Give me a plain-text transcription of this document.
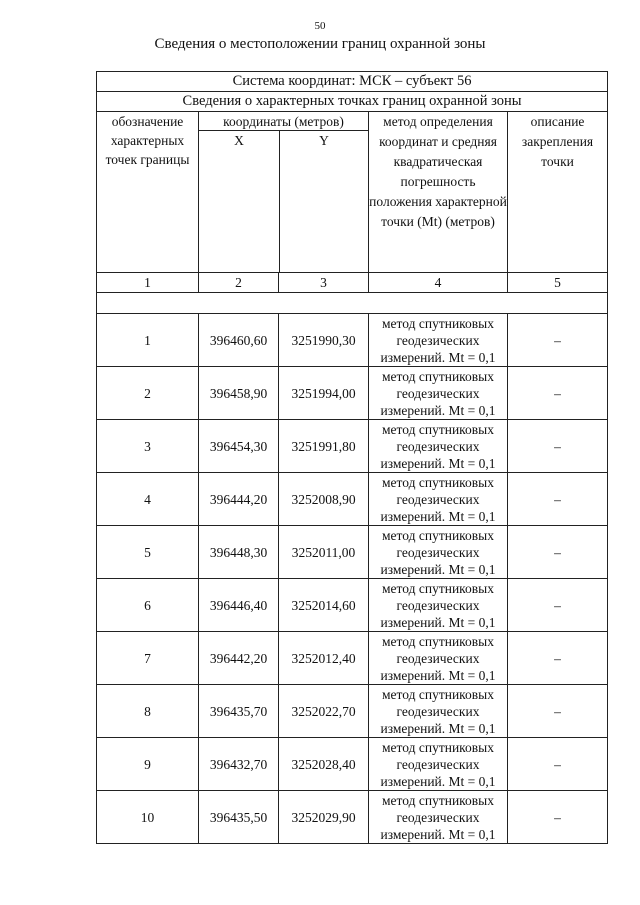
50
Сведения о местоположении границ охранной зоны
Система координат: МСК – субъект 56				
Сведения о характерных точках границ охранной зоны				
обозначение характерных точек границы	координаты (метров)
X Y		метод определения координат и средняя квадратическая погрешность положения характерной точки (Mt) (метров)	описание закрепления точки
1	2	3	4	5

1	396460,60	3251990,30	метод спутниковых геодезических измерений. Mt = 0,1	–
2	396458,90	3251994,00	метод спутниковых геодезических измерений. Mt = 0,1	–
3	396454,30	3251991,80	метод спутниковых геодезических измерений. Mt = 0,1	–
4	396444,20	3252008,90	метод спутниковых геодезических измерений. Mt = 0,1	–
5	396448,30	3252011,00	метод спутниковых геодезических измерений. Mt = 0,1	–
6	396446,40	3252014,60	метод спутниковых геодезических измерений. Mt = 0,1	–
7	396442,20	3252012,40	метод спутниковых геодезических измерений. Mt = 0,1	–
8	396435,70	3252022,70	метод спутниковых геодезических измерений. Mt = 0,1	–
9	396432,70	3252028,40	метод спутниковых геодезических измерений. Mt = 0,1	–
10	396435,50	3252029,90	метод спутниковых геодезических измерений. Mt = 0,1	–
